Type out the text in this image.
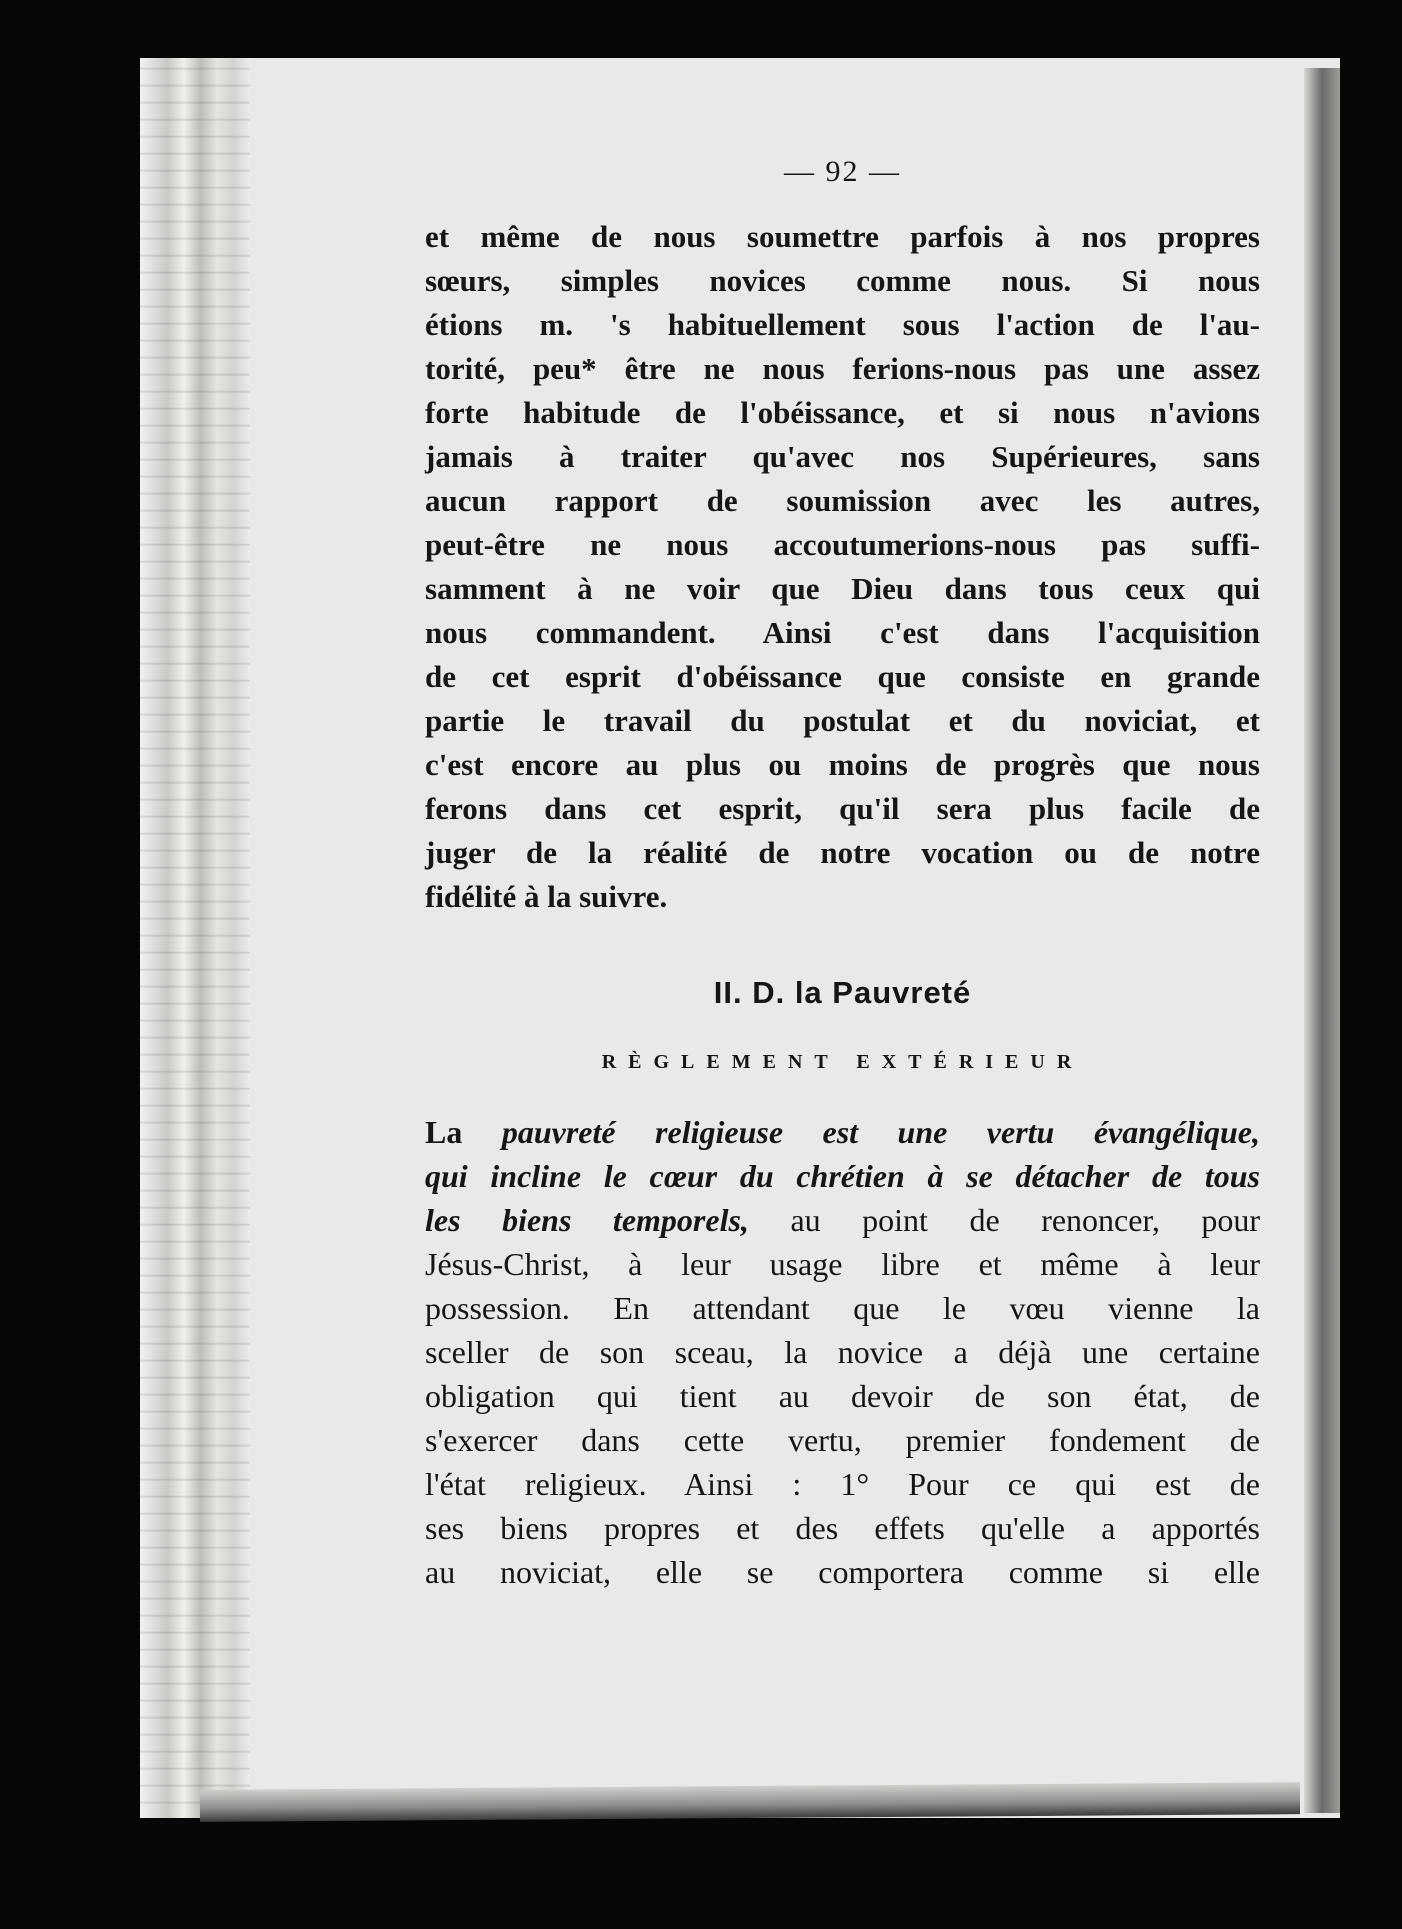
— 92 —
et même de nous soumettre parfois à nos propres
sœurs, simples novices comme nous. Si nous
étions m. 's habituellement sous l'action de l'au-
torité, peu* être ne nous ferions-nous pas une assez
forte habitude de l'obéissance, et si nous n'avions
jamais à traiter qu'avec nos Supérieures, sans
aucun rapport de soumission avec les autres,
peut-être ne nous accoutumerions-nous pas suffi-
samment à ne voir que Dieu dans tous ceux qui
nous commandent. Ainsi c'est dans l'acquisition
de cet esprit d'obéissance que consiste en grande
partie le travail du postulat et du noviciat, et
c'est encore au plus ou moins de progrès que nous
ferons dans cet esprit, qu'il sera plus facile de
juger de la réalité de notre vocation ou de notre
fidélité à la suivre.
II. D. la Pauvreté
RÈGLEMENT EXTÉRIEUR
La pauvreté religieuse est une vertu évangélique,
qui incline le cœur du chrétien à se détacher de tous
les biens temporels, au point de renoncer, pour
Jésus-Christ, à leur usage libre et même à leur
possession. En attendant que le vœu vienne la
sceller de son sceau, la novice a déjà une certaine
obligation qui tient au devoir de son état, de
s'exercer dans cette vertu, premier fondement de
l'état religieux. Ainsi : 1° Pour ce qui est de
ses biens propres et des effets qu'elle a apportés
au noviciat, elle se comportera comme si elle
